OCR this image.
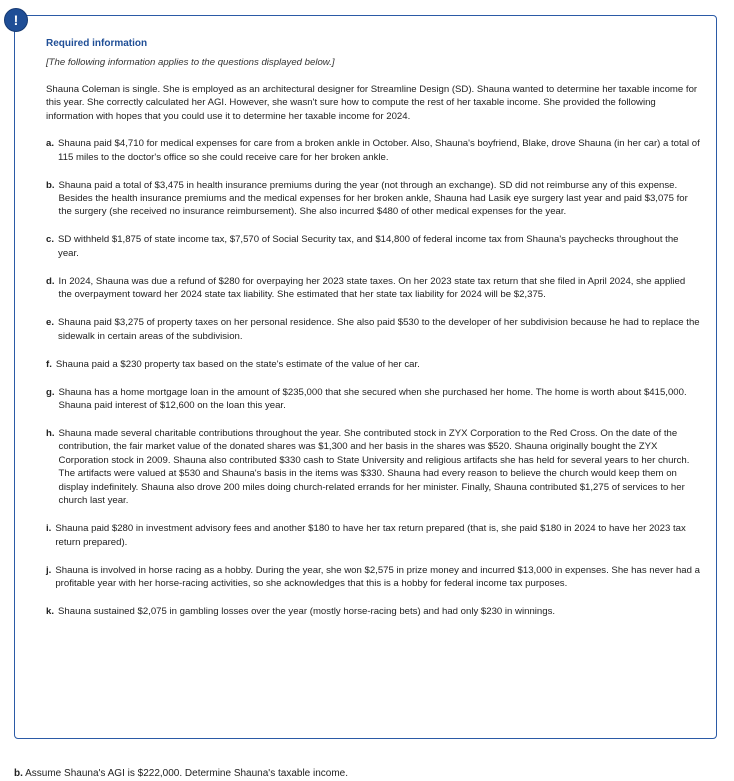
!

Required information

[The following information applies to the questions displayed below.]

Shauna Coleman is single. She is employed as an architectural designer for Streamline Design (SD). Shauna wanted to determine her taxable income for this year. She correctly calculated her AGI. However, she wasn't sure how to compute the rest of her taxable income. She provided the following information with hopes that you could use it to determine her taxable income for 2024.

a. Shauna paid $4,710 for medical expenses for care from a broken ankle in October. Also, Shauna's boyfriend, Blake, drove Shauna (in her car) a total of 115 miles to the doctor's office so she could receive care for her broken ankle.
b. Shauna paid a total of $3,475 in health insurance premiums during the year (not through an exchange). SD did not reimburse any of this expense. Besides the health insurance premiums and the medical expenses for her broken ankle, Shauna had Lasik eye surgery last year and paid $3,075 for the surgery (she received no insurance reimbursement). She also incurred $480 of other medical expenses for the year.
c. SD withheld $1,875 of state income tax, $7,570 of Social Security tax, and $14,800 of federal income tax from Shauna's paychecks throughout the year.
d. In 2024, Shauna was due a refund of $280 for overpaying her 2023 state taxes. On her 2023 state tax return that she filed in April 2024, she applied the overpayment toward her 2024 state tax liability. She estimated that her state tax liability for 2024 will be $2,375.
e. Shauna paid $3,275 of property taxes on her personal residence. She also paid $530 to the developer of her subdivision because he had to replace the sidewalk in certain areas of the subdivision.
f. Shauna paid a $230 property tax based on the state's estimate of the value of her car.
g. Shauna has a home mortgage loan in the amount of $235,000 that she secured when she purchased her home. The home is worth about $415,000. Shauna paid interest of $12,600 on the loan this year.
h. Shauna made several charitable contributions throughout the year. She contributed stock in ZYX Corporation to the Red Cross. On the date of the contribution, the fair market value of the donated shares was $1,300 and her basis in the shares was $520. Shauna originally bought the ZYX Corporation stock in 2009. Shauna also contributed $330 cash to State University and religious artifacts she has held for several years to her church. The artifacts were valued at $530 and Shauna's basis in the items was $330. Shauna had every reason to believe the church would keep them on display indefinitely. Shauna also drove 200 miles doing church-related errands for her minister. Finally, Shauna contributed $1,275 of services to her church last year.
i. Shauna paid $280 in investment advisory fees and another $180 to have her tax return prepared (that is, she paid $180 in 2024 to have her 2023 tax return prepared).
j. Shauna is involved in horse racing as a hobby. During the year, she won $2,575 in prize money and incurred $13,000 in expenses. She has never had a profitable year with her horse-racing activities, so she acknowledges that this is a hobby for federal income tax purposes.
k. Shauna sustained $2,075 in gambling losses over the year (mostly horse-racing bets) and had only $230 in winnings.
b. Assume Shauna's AGI is $222,000. Determine Shauna's taxable income.
